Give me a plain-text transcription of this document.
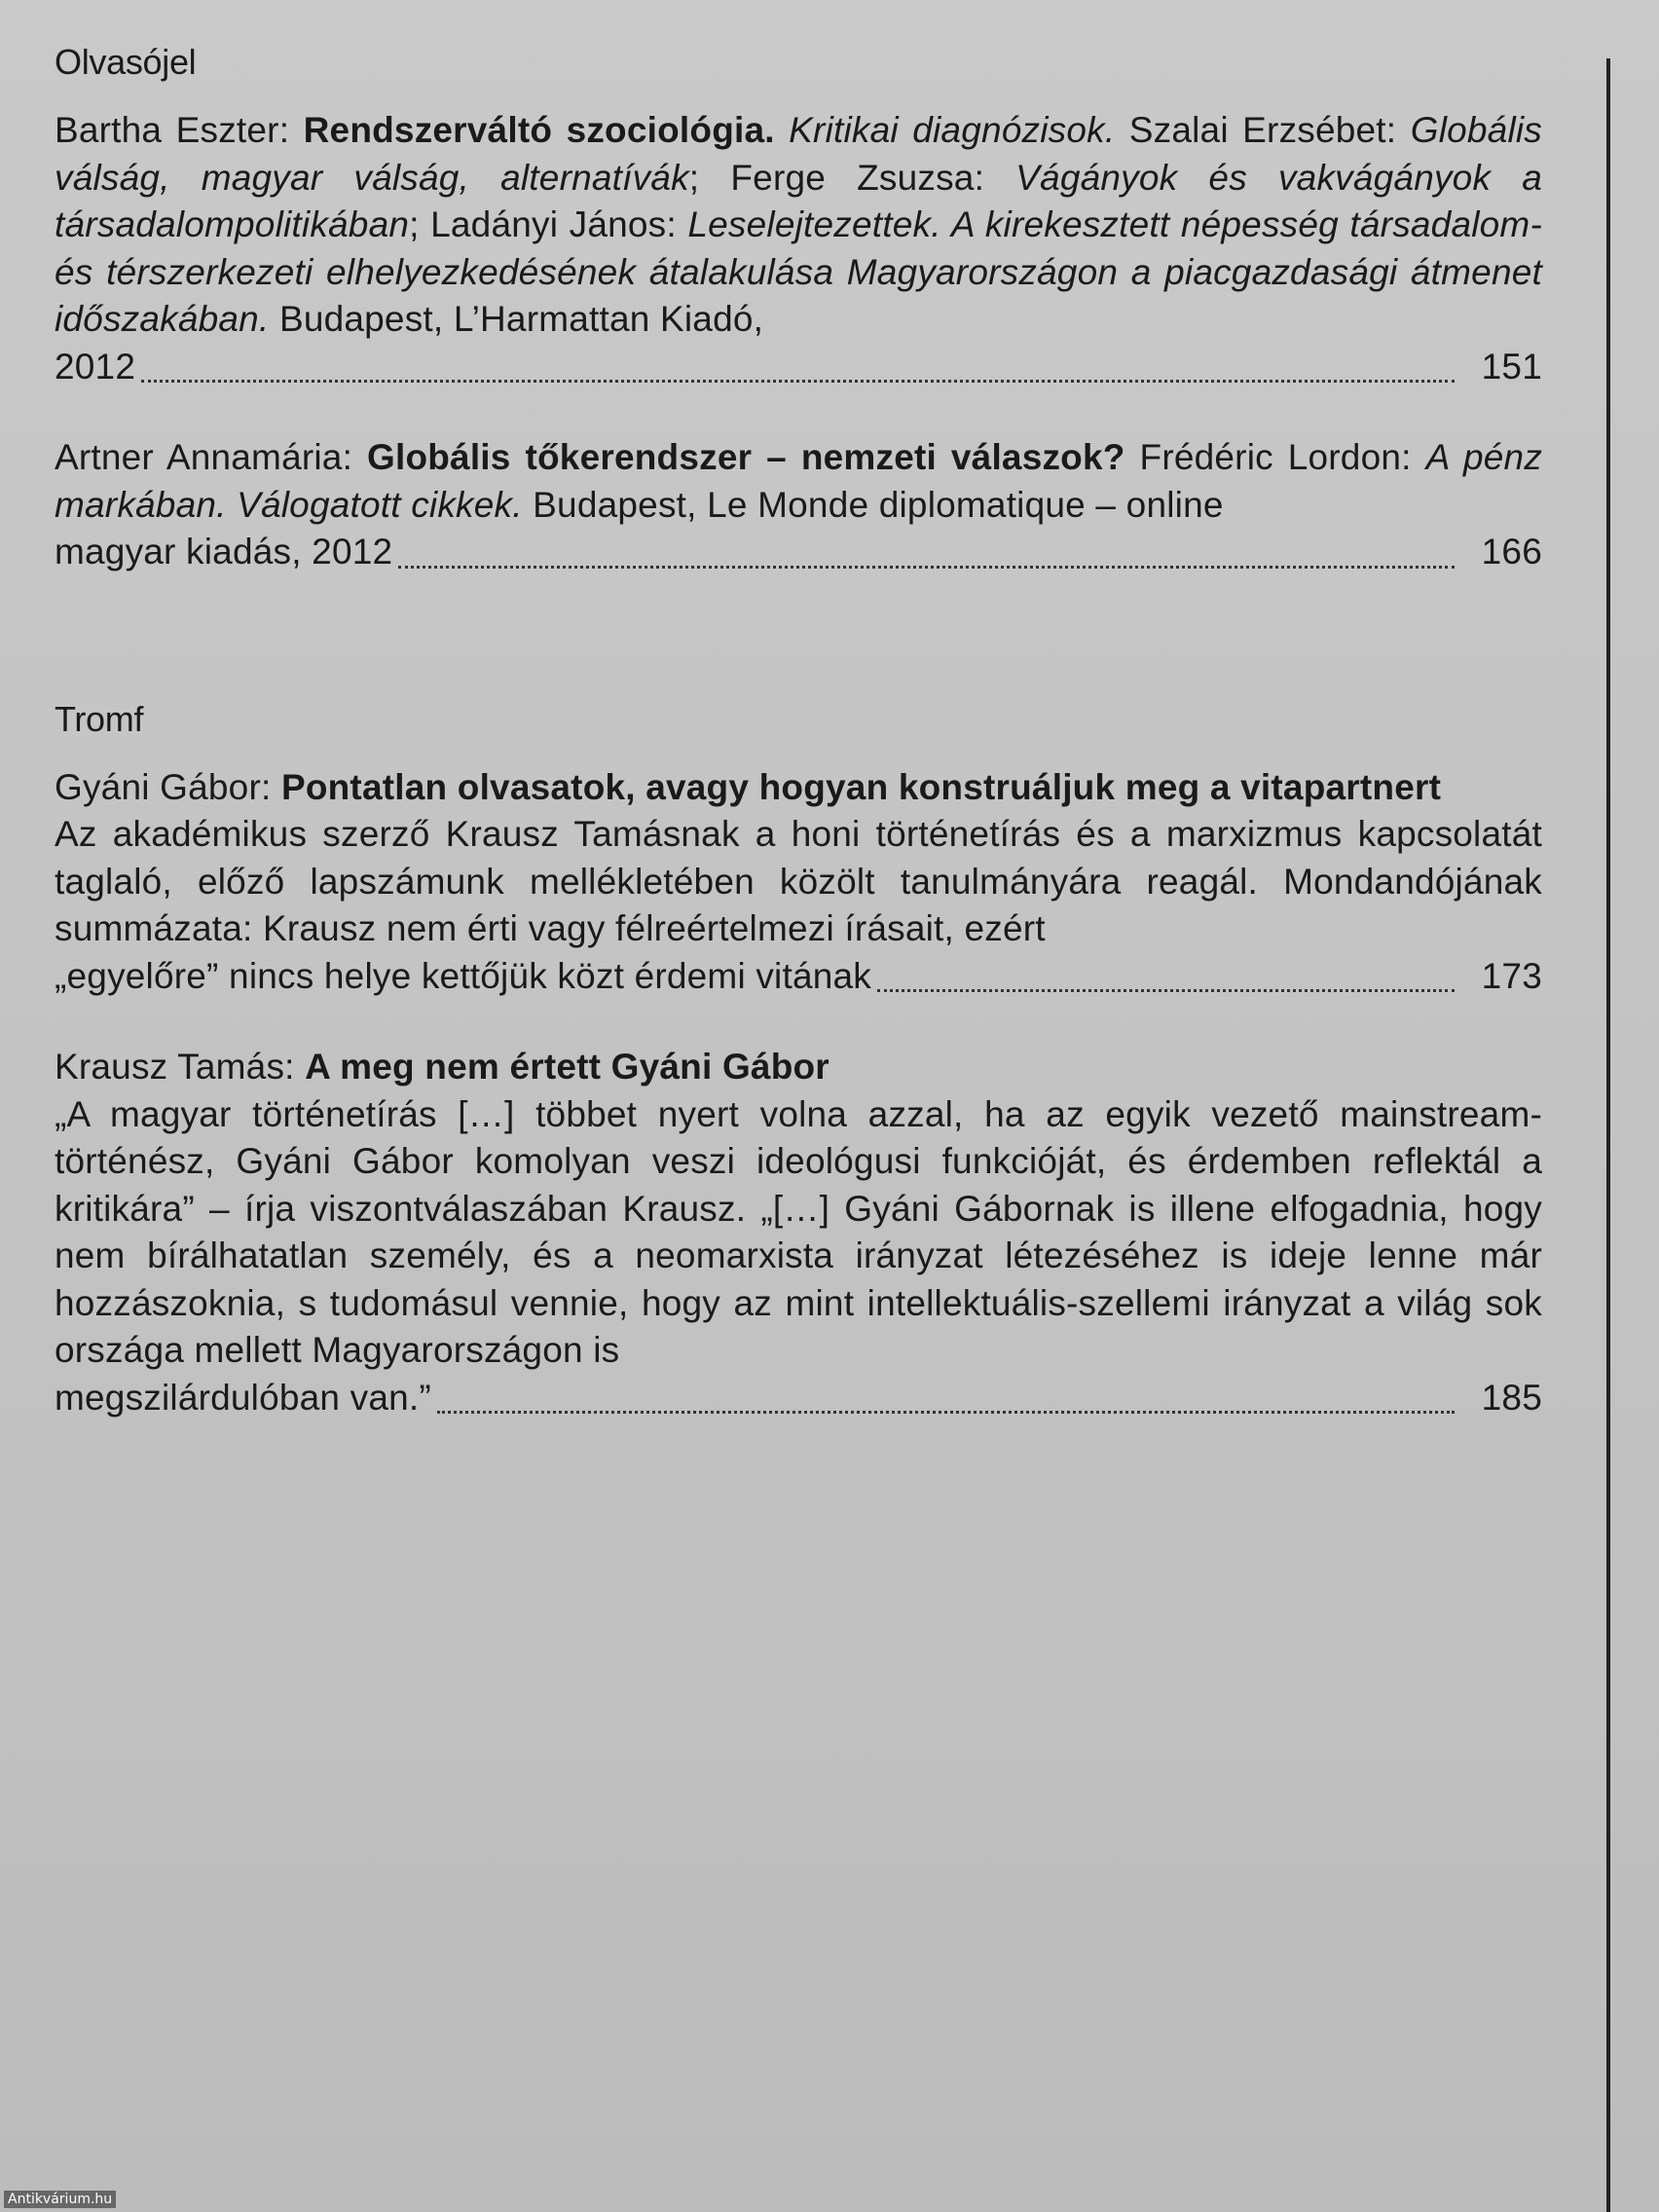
Olvasójel
Bartha Eszter: Rendszerváltó szociológia. Kritikai diagnózisok. Szalai Erzsébet: Globális válság, magyar válság, alternatívák; Ferge Zsuzsa: Vágányok és vakvágányok a társadalompolitikában; Ladányi János: Leselejtezettek. A kirekesztett népesség társadalom- és térszerkezeti elhelyezkedésének átalakulása Magyarországon a piacgazdasági átmenet időszakában. Budapest, L’Harmattan Kiadó,
2012	151
Artner Annamária: Globális tőkerendszer – nemzeti válaszok? Frédéric Lordon: A pénz markában. Válogatott cikkek. Budapest, Le Monde diplomatique – online
magyar kiadás, 2012	166
Tromf
Gyáni Gábor: Pontatlan olvasatok, avagy hogyan konstruáljuk meg a vitapartnert
Az akadémikus szerző Krausz Tamásnak a honi történetírás és a marxizmus kapcsolatát taglaló, előző lapszámunk mellékletében közölt tanulmányára reagál. Mondandójának summázata: Krausz nem érti vagy félreértelmezi írásait, ezért
„egyelőre” nincs helye kettőjük közt érdemi vitának	173
Krausz Tamás: A meg nem értett Gyáni Gábor
„A magyar történetírás […] többet nyert volna azzal, ha az egyik vezető mainstream-történész, Gyáni Gábor komolyan veszi ideológusi funkcióját, és érdemben reflektál a kritikára” – írja viszontválaszában Krausz. „[…] Gyáni Gábornak is illene elfogadnia, hogy nem bírálhatatlan személy, és a neomarxista irányzat létezéséhez is ideje lenne már hozzászoknia, s tudomásul vennie, hogy az mint intellektuális-szellemi irányzat a világ sok országa mellett Magyarországon is
megszilárdulóban van.”	185
Antikvárium.hu
